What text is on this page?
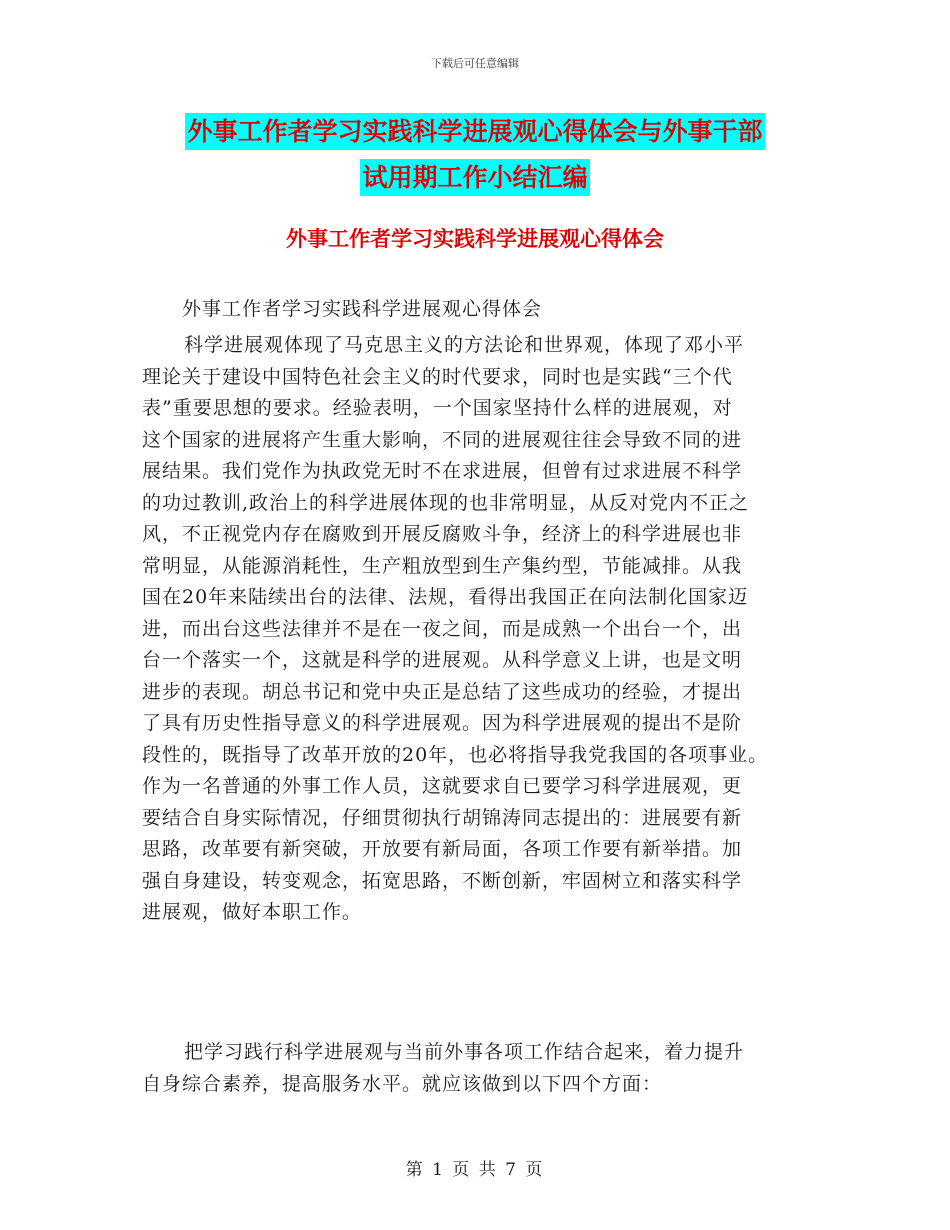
下载后可任意编辑
外事工作者学习实践科学进展观心得体会与外事干部
试用期工作小结汇编
外事工作者学习实践科学进展观心得体会
外事工作者学习实践科学进展观心得体会
科学进展观体现了马克思主义的方法论和世界观，体现了邓小平
理论关于建设中国特色社会主义的时代要求，同时也是实践“三个代
表”重要思想的要求。经验表明，一个国家坚持什么样的进展观，对
这个国家的进展将产生重大影响，不同的进展观往往会导致不同的进
展结果。我们党作为执政党无时不在求进展，但曾有过求进展不科学
的功过教训,政治上的科学进展体现的也非常明显，从反对党内不正之
风，不正视党内存在腐败到开展反腐败斗争，经济上的科学进展也非
常明显，从能源消耗性，生产粗放型到生产集约型，节能减排。从我
国在20年来陆续出台的法律、法规，看得出我国正在向法制化国家迈
进，而出台这些法律并不是在一夜之间，而是成熟一个出台一个，出
台一个落实一个，这就是科学的进展观。从科学意义上讲，也是文明
进步的表现。胡总书记和党中央正是总结了这些成功的经验，才提出
了具有历史性指导意义的科学进展观。因为科学进展观的提出不是阶
段性的，既指导了改革开放的20年，也必将指导我党我国的各项事业。
作为一名普通的外事工作人员，这就要求自已要学习科学进展观，更
要结合自身实际情况，仔细贯彻执行胡锦涛同志提出的：进展要有新
思路，改革要有新突破，开放要有新局面，各项工作要有新举措。加
强自身建设，转变观念，拓宽思路，不断创新，牢固树立和落实科学
进展观，做好本职工作。
把学习践行科学进展观与当前外事各项工作结合起来，着力提升
自身综合素养，提高服务水平。就应该做到以下四个方面：
第 1 页 共 7 页
